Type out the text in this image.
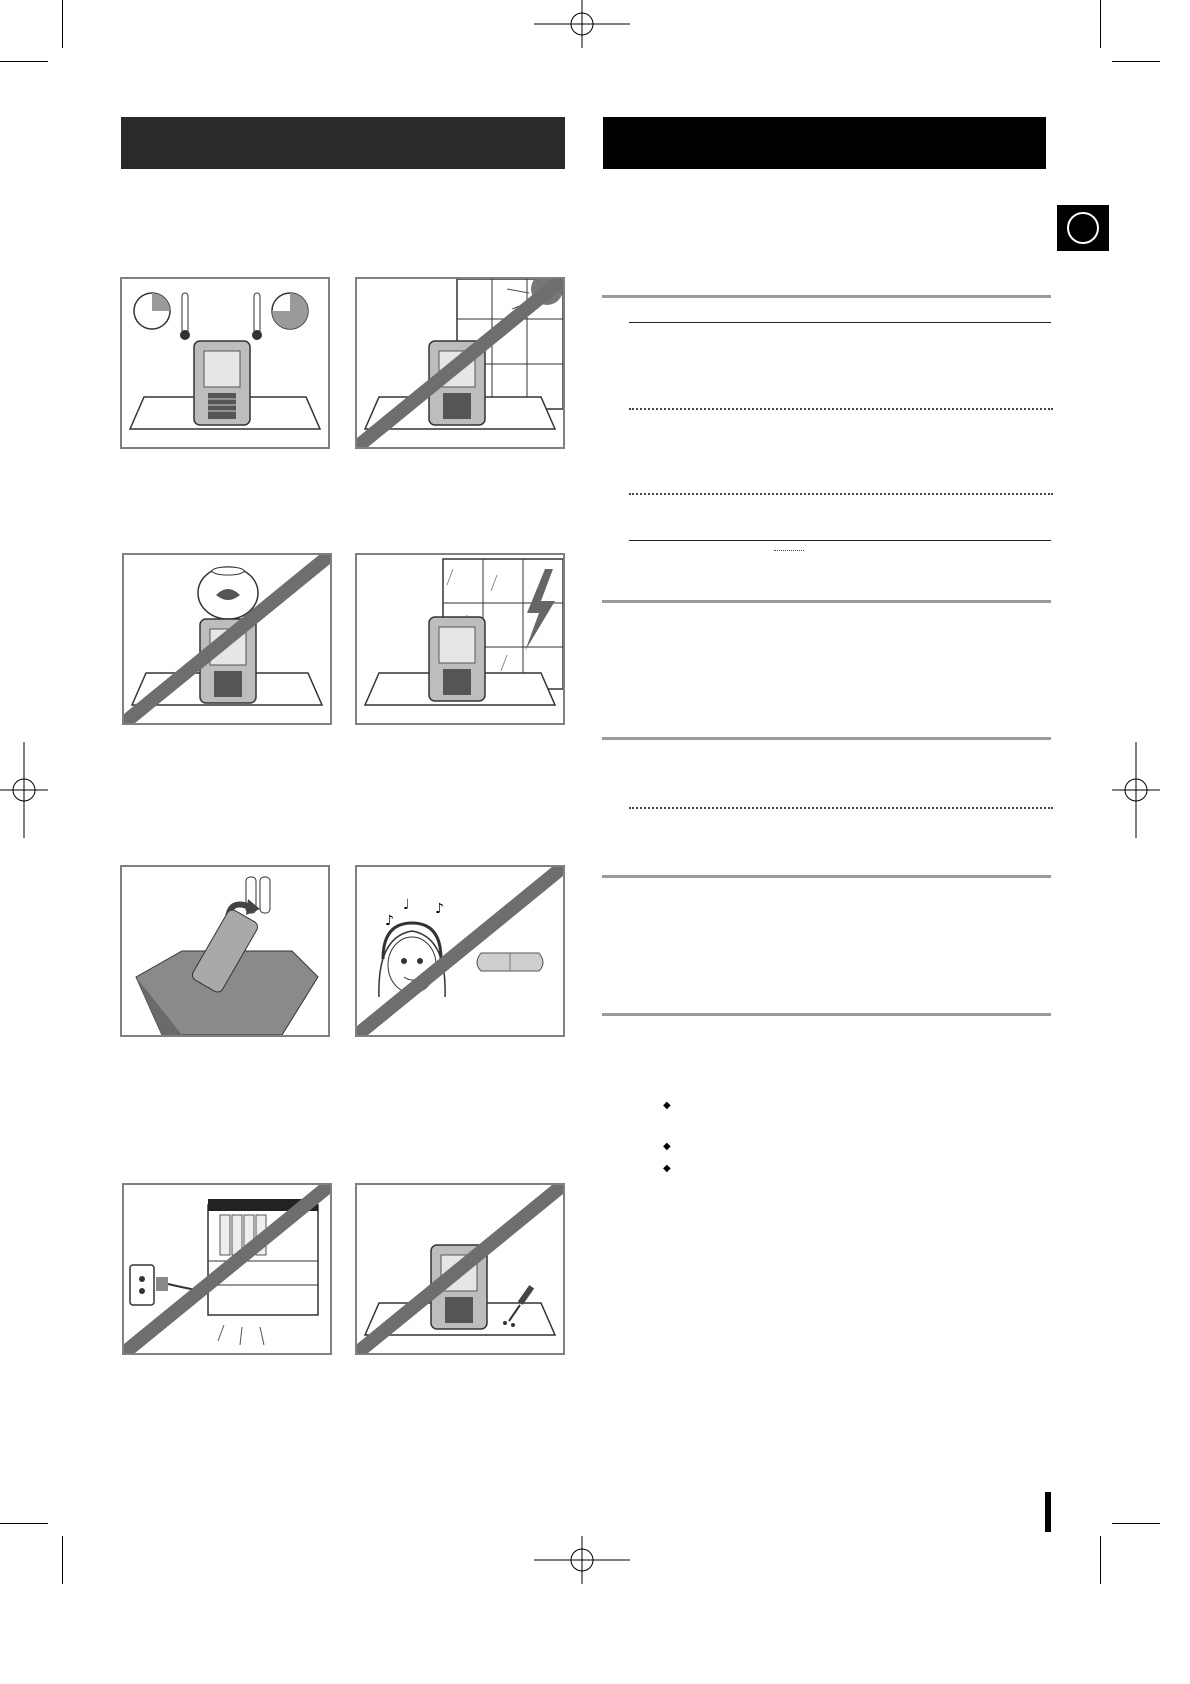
♪
♩ ♪
◆
◆
◆
